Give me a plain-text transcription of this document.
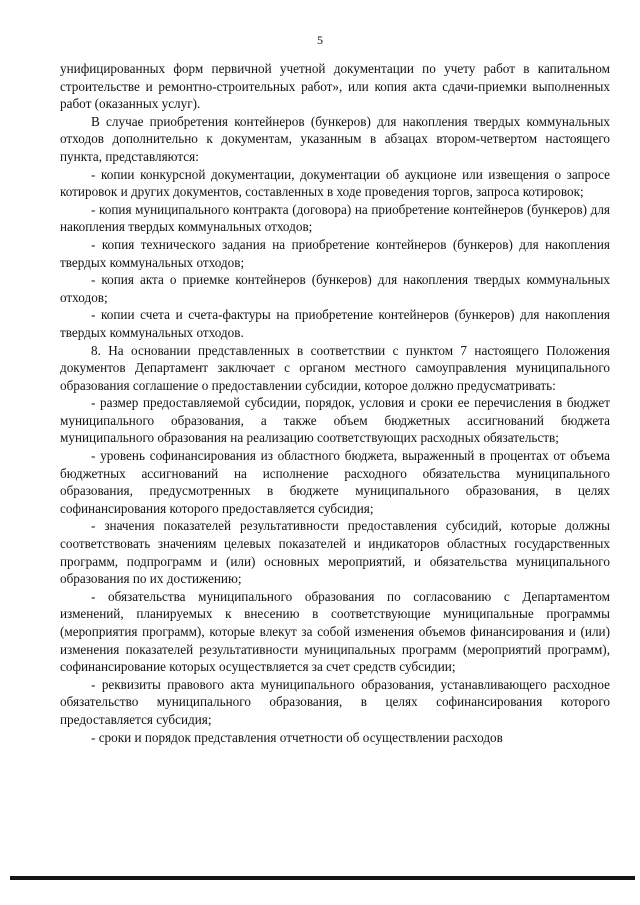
5

унифицированных форм первичной учетной документации по учету работ в капитальном строительстве и ремонтно-строительных работ», или копия акта сдачи-приемки выполненных работ (оказанных услуг).

В случае приобретения контейнеров (бункеров) для накопления твердых коммунальных отходов дополнительно к документам, указанным в абзацах втором-четвертом настоящего пункта, представляются:

- копии конкурсной документации, документации об аукционе или извещения о запросе котировок и других документов, составленных в ходе проведения торгов, запроса котировок;

- копия муниципального контракта (договора) на приобретение контейнеров (бункеров) для накопления твердых коммунальных отходов;

- копия технического задания на приобретение контейнеров (бункеров) для накопления твердых коммунальных отходов;

- копия акта о приемке контейнеров (бункеров) для накопления твердых коммунальных отходов;

- копии счета и счета-фактуры на приобретение контейнеров (бункеров) для накопления твердых коммунальных отходов.

8. На основании представленных в соответствии с пунктом 7 настоящего Положения документов Департамент заключает с органом местного самоуправления муниципального образования соглашение о предоставлении субсидии, которое должно предусматривать:

- размер предоставляемой субсидии, порядок, условия и сроки ее перечисления в бюджет муниципального образования, а также объем бюджетных ассигнований бюджета муниципального образования на реализацию соответствующих расходных обязательств;

- уровень софинансирования из областного бюджета, выраженный в процентах от объема бюджетных ассигнований на исполнение расходного обязательства муниципального образования, предусмотренных в бюджете муниципального образования, в целях софинансирования которого предоставляется субсидия;

- значения показателей результативности предоставления субсидий, которые должны соответствовать значениям целевых показателей и индикаторов областных государственных программ, подпрограмм и (или) основных мероприятий, и обязательства муниципального образования по их достижению;

- обязательства муниципального образования по согласованию с Департаментом изменений, планируемых к внесению в соответствующие муниципальные программы (мероприятия программ), которые влекут за собой изменения объемов финансирования и (или) изменения показателей результативности муниципальных программ (мероприятий программ), софинансирование которых осуществляется за счет средств субсидии;

- реквизиты правового акта муниципального образования, устанавливающего расходное обязательство муниципального образования, в целях софинансирования которого предоставляется субсидия;

- сроки и порядок представления отчетности об осуществлении расходов
